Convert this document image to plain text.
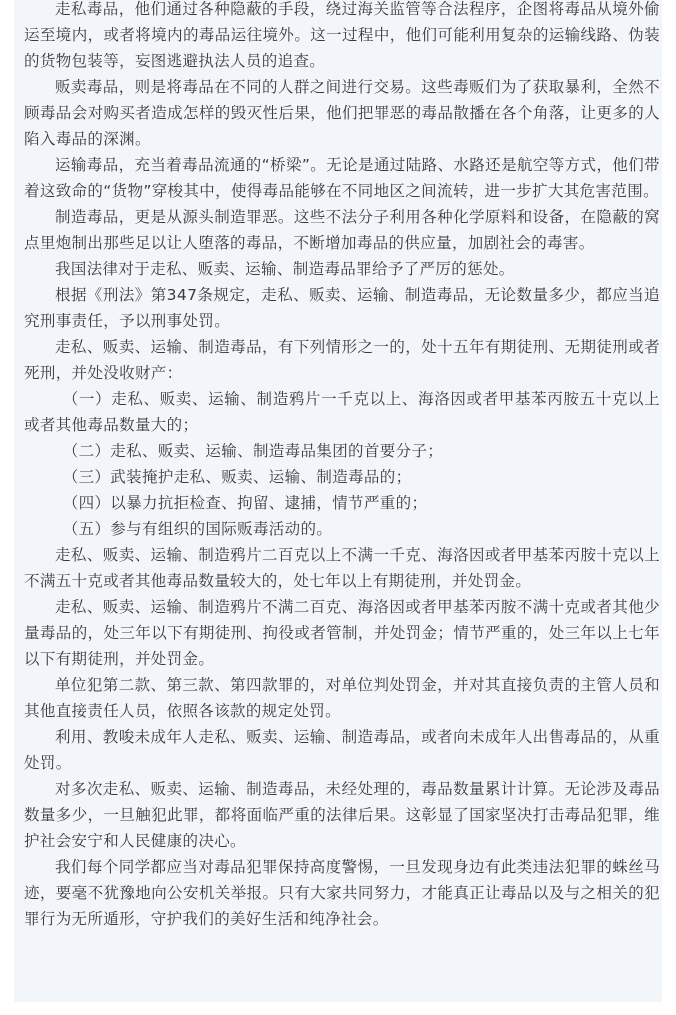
走私毒品，他们通过各种隐蔽的手段，绕过海关监管等合法程序，企图将毒品从境外偷运至境内，或者将境内的毒品运往境外。这一过程中，他们可能利用复杂的运输线路、伪装的货物包装等，妄图逃避执法人员的追查。

贩卖毒品，则是将毒品在不同的人群之间进行交易。这些毒贩们为了获取暴利，全然不顾毒品会对购买者造成怎样的毁灭性后果，他们把罪恶的毒品散播在各个角落，让更多的人陷入毒品的深渊。

运输毒品，充当着毒品流通的“桥梁”。无论是通过陆路、水路还是航空等方式，他们带着这致命的“货物”穿梭其中，使得毒品能够在不同地区之间流转，进一步扩大其危害范围。

制造毒品，更是从源头制造罪恶。这些不法分子利用各种化学原料和设备，在隐蔽的窝点里炮制出那些足以让人堕落的毒品，不断增加毒品的供应量，加剧社会的毒害。

我国法律对于走私、贩卖、运输、制造毒品罪给予了严厉的惩处。

根据《刑法》第347条规定，走私、贩卖、运输、制造毒品，无论数量多少，都应当追究刑事责任，予以刑事处罚。

走私、贩卖、运输、制造毒品，有下列情形之一的，处十五年有期徒刑、无期徒刑或者死刑，并处没收财产：

（一）走私、贩卖、运输、制造鸦片一千克以上、海洛因或者甲基苯丙胺五十克以上或者其他毒品数量大的；

（二）走私、贩卖、运输、制造毒品集团的首要分子；

（三）武装掩护走私、贩卖、运输、制造毒品的；

（四）以暴力抗拒检查、拘留、逮捕，情节严重的；

（五）参与有组织的国际贩毒活动的。

走私、贩卖、运输、制造鸦片二百克以上不满一千克、海洛因或者甲基苯丙胺十克以上不满五十克或者其他毒品数量较大的，处七年以上有期徒刑，并处罚金。

走私、贩卖、运输、制造鸦片不满二百克、海洛因或者甲基苯丙胺不满十克或者其他少量毒品的，处三年以下有期徒刑、拘役或者管制，并处罚金；情节严重的，处三年以上七年以下有期徒刑，并处罚金。

单位犯第二款、第三款、第四款罪的，对单位判处罚金，并对其直接负责的主管人员和其他直接责任人员，依照各该款的规定处罚。

利用、教唆未成年人走私、贩卖、运输、制造毒品，或者向未成年人出售毒品的，从重处罚。

对多次走私、贩卖、运输、制造毒品，未经处理的，毒品数量累计计算。无论涉及毒品数量多少，一旦触犯此罪，都将面临严重的法律后果。这彰显了国家坚决打击毒品犯罪，维护社会安宁和人民健康的决心。

我们每个同学都应当对毒品犯罪保持高度警惕，一旦发现身边有此类违法犯罪的蛛丝马迹，要毫不犹豫地向公安机关举报。只有大家共同努力，才能真正让毒品以及与之相关的犯罪行为无所遁形，守护我们的美好生活和纯净社会。
